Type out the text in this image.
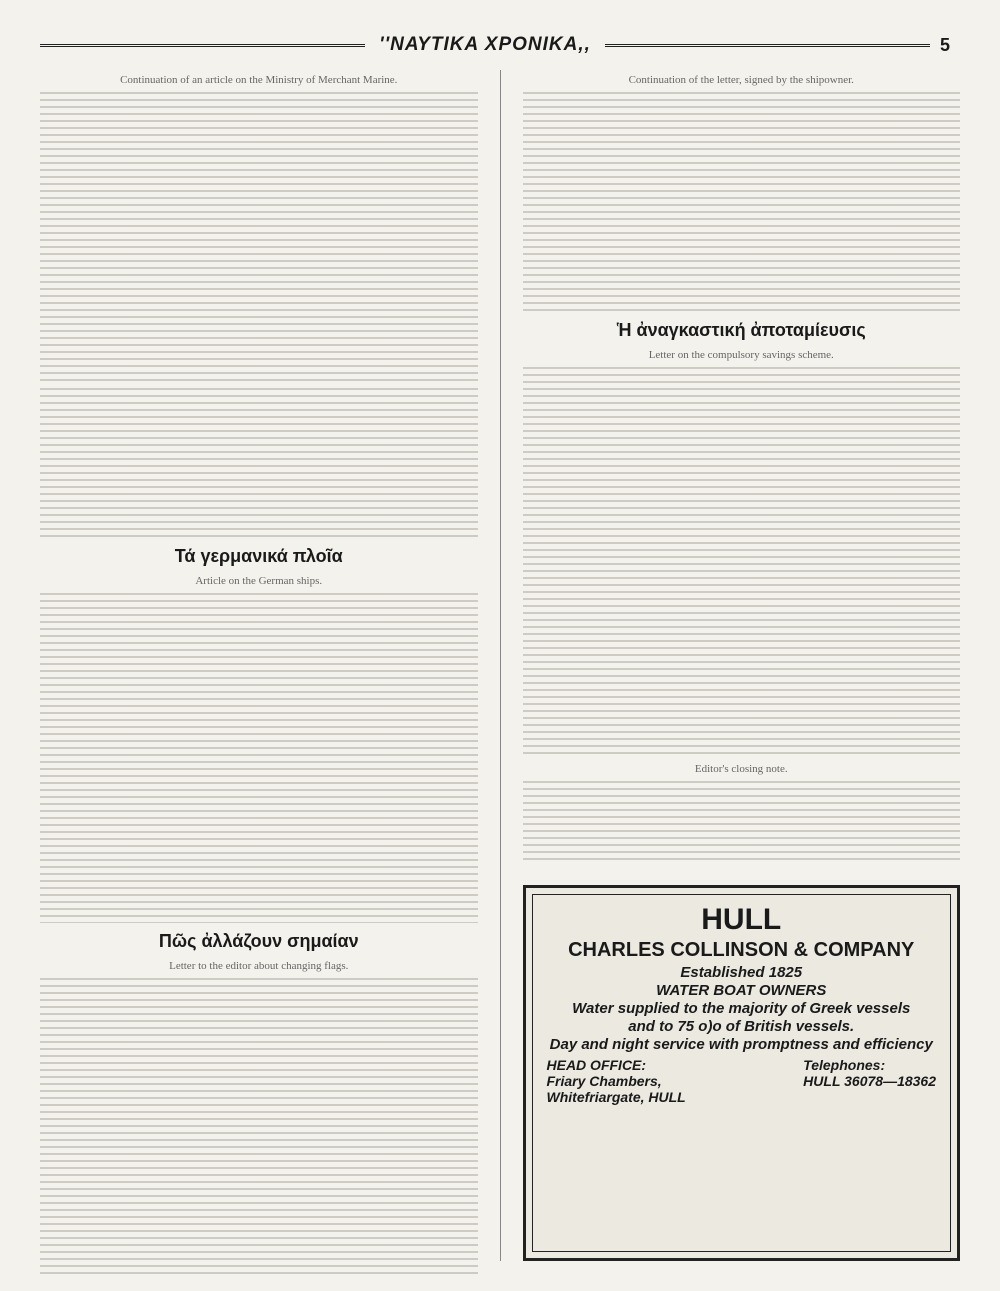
''ΝΑΥΤΙΚΑ ΧΡΟΝΙΚΑ,,	5
Continuation of an article on the Ministry of Merchant Marine.
Τά γερμανικά πλοῖα
Article on the German ships.
Πῶς ἀλλάζουν σημαίαν
Letter to the editor about changing flags.
Continuation of the letter, signed by the shipowner.
Ἡ ἀναγκαστική ἀποταμίευσις
Letter on the compulsory savings scheme.
Editor's closing note.
HULL
CHARLES COLLINSON & COMPANY
Established 1825
WATER BOAT OWNERS
Water supplied to the majority of Greek vessels
and to 75 o)o of British vessels.
Day and night service with promptness and efficiency
HEAD OFFICE:
Friary Chambers,
Whitefriargate, HULL
Telephones:
HULL 36078—18362
